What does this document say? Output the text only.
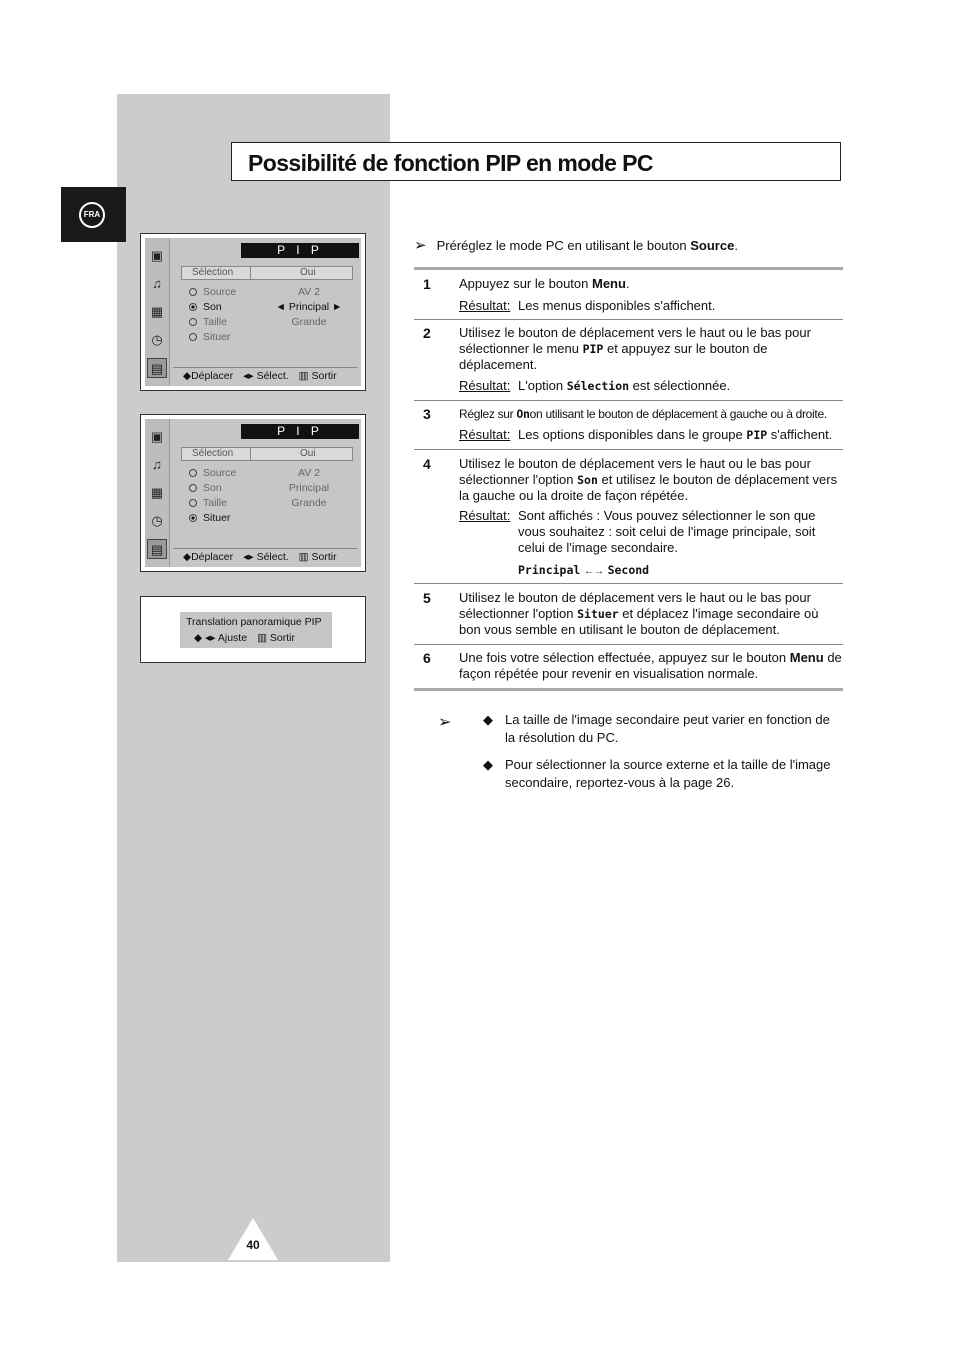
Possibilité de fonction PIP en mode PC
FRA
▣
♫
▦
◷
▤
P I P
Sélection	Oui
Source	AV 2
Son	◄ Principal ►
Taille	Grande
Situer
◆Déplacer ◂▸ Sélect. ▥ Sortir
▣
♫
▦
◷
▤
P I P
Sélection	Oui
Source	AV 2
Son	Principal
Taille	Grande
Situer
◆Déplacer ◂▸ Sélect. ▥ Sortir
Translation panoramique PIP
◆ ◂▸ Ajuste ▥ Sortir
➢ Préréglez le mode PC en utilisant le bouton Source.
1 Appuyez sur le bouton Menu.
Résultat: Les menus disponibles s'affichent.
2 Utilisez le bouton de déplacement vers le haut ou le bas pour sélectionner le menu PIP et appuyez sur le bouton de déplacement.
Résultat: L'option Sélection est sélectionnée.
3 Réglez sur Onon utilisant le bouton de déplacement à gauche ou à droite.
Résultat: Les options disponibles dans le groupe PIP s'affichent.
4 Utilisez le bouton de déplacement vers le haut ou le bas pour sélectionner l'option Son et utilisez le bouton de déplacement vers la gauche ou la droite de façon répétée.
Résultat: Sont affichés : Vous pouvez sélectionner le son que vous souhaitez : soit celui de l'image principale, soit celui de l'image secondaire.
Principal ←→ Second
5 Utilisez le bouton de déplacement vers le haut ou le bas pour sélectionner l'option Situer et déplacez l'image secondaire où bon vous semble en utilisant le bouton de déplacement.
6 Une fois votre sélection effectuée, appuyez sur le bouton Menu de façon répétée pour revenir en visualisation normale.
➢ ◆ La taille de l'image secondaire peut varier en fonction de la résolution du PC.
◆ Pour sélectionner la source externe et la taille de l'image secondaire, reportez-vous à la page 26.
40
